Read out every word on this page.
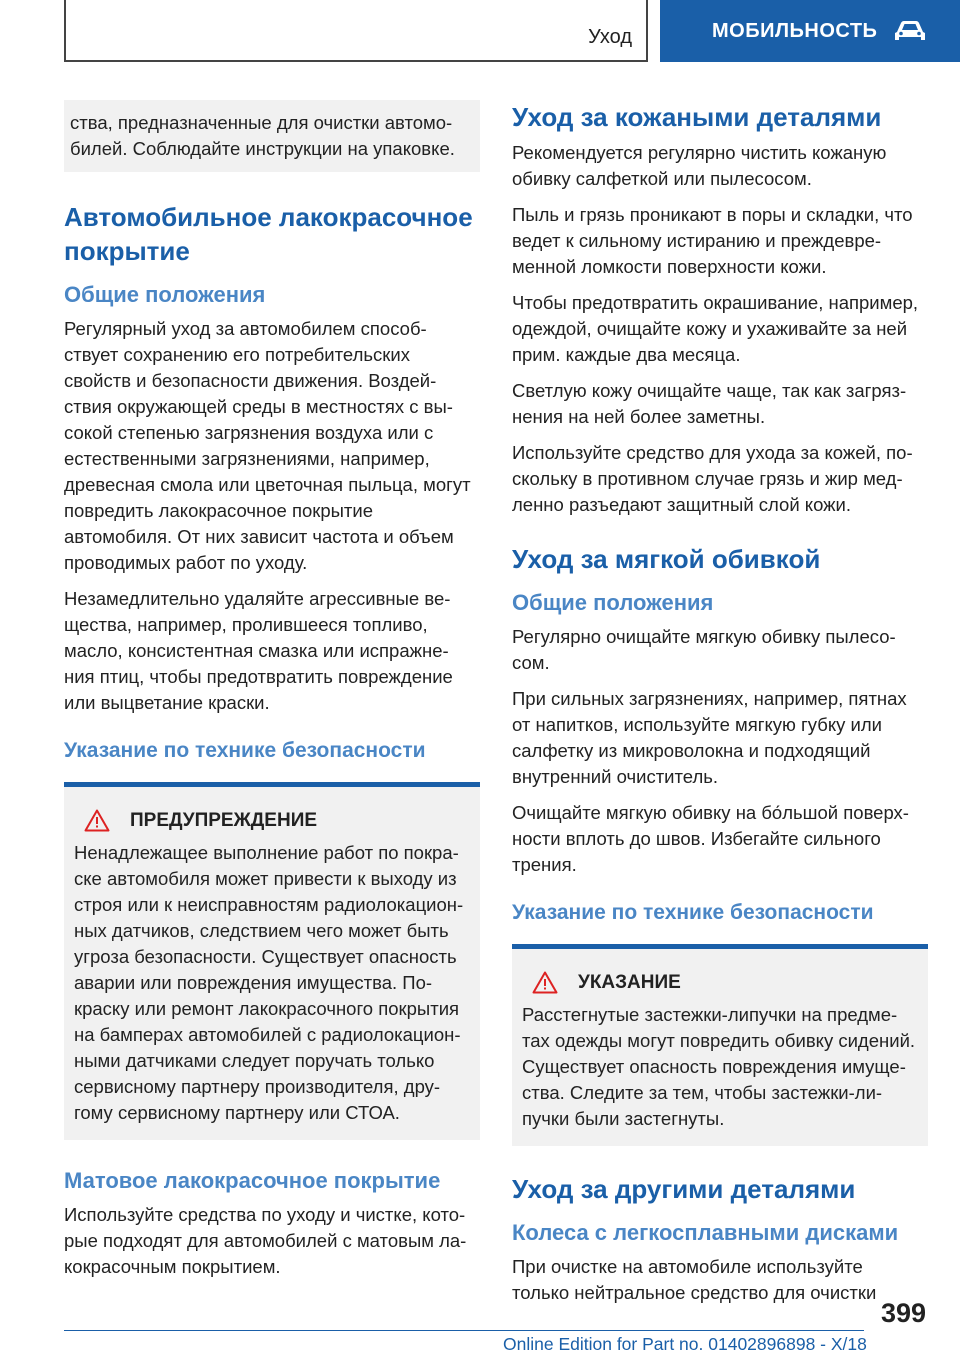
Уход	МОБИЛЬНОСТЬ

ства, предназначенные для очистки автомо-
билей. Соблюдайте инструкции на упаковке.

Автомобильное лакокрасочное
покрытие
Общие положения

Регулярный уход за автомобилем способ-
ствует сохранению его потребительских
свойств и безопасности движения. Воздей-
ствия окружающей среды в местностях с вы-
сокой степенью загрязнения воздуха или с
естественными загрязнениями, например,
древесная смола или цветочная пыльца, могут
повредить лакокрасочное покрытие
автомобиля. От них зависит частота и объем
проводимых работ по уходу.

Незамедлительно удаляйте агрессивные ве-
щества, например, пролившееся топливо,
масло, консистентная смазка или испражне-
ния птиц, чтобы предотвратить повреждение
или выцветание краски.

Указание по технике безопасности
ПРЕДУПРЕЖДЕНИЕ

Ненадлежащее выполнение работ по покра-
ске автомобиля может привести к выходу из
строя или к неисправностям радиолокацион-
ных датчиков, следствием чего может быть
угроза безопасности. Существует опасность
аварии или повреждения имущества. По-
краску или ремонт лакокрасочного покрытия
на бамперах автомобилей с радиолокацион-
ными датчиками следует поручать только
сервисному партнеру производителя, дру-
гому сервисному партнеру или СТОА.

Матовое лакокрасочное покрытие

Используйте средства по уходу и чистке, кото-
рые подходят для автомобилей с матовым ла-
кокрасочным покрытием.

Уход за кожаными деталями

Рекомендуется регулярно чистить кожаную
обивку салфеткой или пылесосом.

Пыль и грязь проникают в поры и складки, что
ведет к сильному истиранию и преждевре-
менной ломкости поверхности кожи.

Чтобы предотвратить окрашивание, например,
одеждой, очищайте кожу и ухаживайте за ней
прим. каждые два месяца.

Светлую кожу очищайте чаще, так как загряз-
нения на ней более заметны.

Используйте средство для ухода за кожей, по-
скольку в противном случае грязь и жир мед-
ленно разъедают защитный слой кожи.

Уход за мягкой обивкой
Общие положения

Регулярно очищайте мягкую обивку пылесо-
сом.

При сильных загрязнениях, например, пятнах
от напитков, используйте мягкую губку или
салфетку из микроволокна и подходящий
внутренний очиститель.

Очищайте мягкую обивку на бо́льшой поверх-
ности вплоть до швов. Избегайте сильного
трения.

Указание по технике безопасности
УКАЗАНИЕ

Расстегнутые застежки-липучки на предме-
тах одежды могут повредить обивку сидений.
Существует опасность повреждения имуще-
ства. Следите за тем, чтобы застежки-ли-
пучки были застегнуты.

Уход за другими деталями
Колеса с легкосплавными дисками

При очистке на автомобиле используйте
только нейтральное средство для очистки

399
Online Edition for Part no. 01402896898 - X/18
